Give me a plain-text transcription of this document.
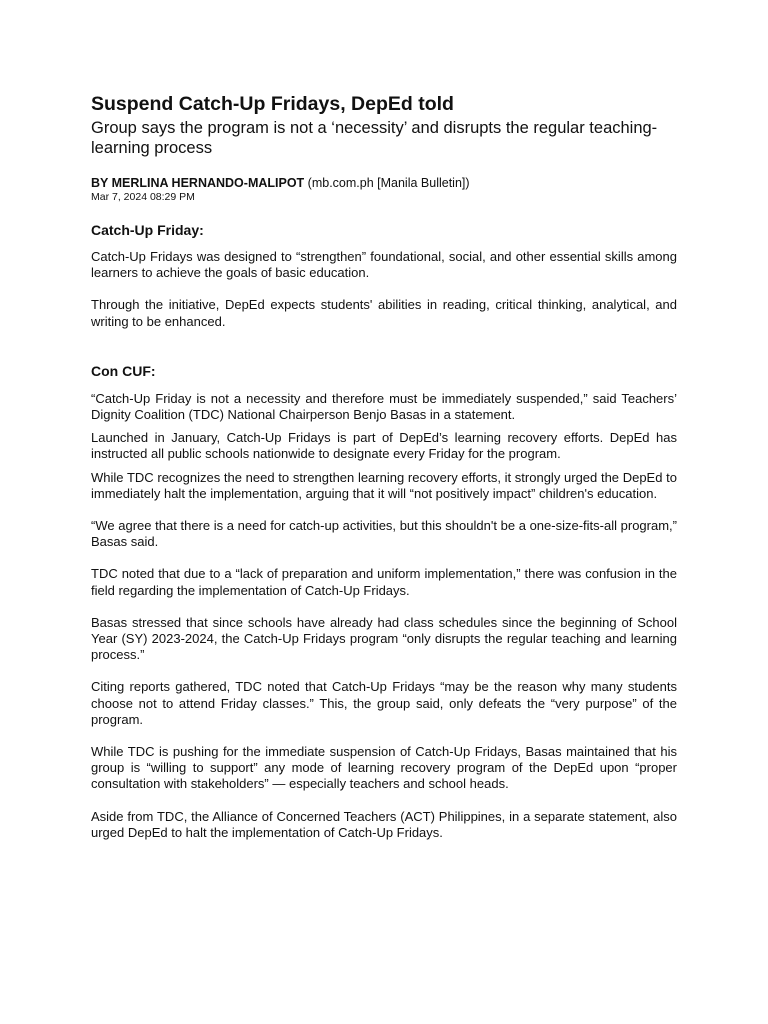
Suspend Catch-Up Fridays, DepEd told
Group says the program is not a ‘necessity’ and disrupts the regular teaching-learning process
BY MERLINA HERNANDO-MALIPOT (mb.com.ph [Manila Bulletin])
Mar 7, 2024 08:29 PM
Catch-Up Friday:

Catch-Up Fridays was designed to “strengthen” foundational, social, and other essential skills among learners to achieve the goals of basic education.

Through the initiative, DepEd expects students' abilities in reading, critical thinking, analytical, and writing to be enhanced.

Con CUF:

“Catch-Up Friday is not a necessity and therefore must be immediately suspended,” said Teachers’ Dignity Coalition (TDC) National Chairperson Benjo Basas in a statement.

Launched in January, Catch-Up Fridays is part of DepEd’s learning recovery efforts. DepEd has instructed all public schools nationwide to designate every Friday for the program.

While TDC recognizes the need to strengthen learning recovery efforts, it strongly urged the DepEd to immediately halt the implementation, arguing that it will “not positively impact” children's education.

“We agree that there is a need for catch-up activities, but this shouldn't be a one-size-fits-all program,” Basas said.

TDC noted that due to a “lack of preparation and uniform implementation,” there was confusion in the field regarding the implementation of Catch-Up Fridays.

Basas stressed that since schools have already had class schedules since the beginning of School Year (SY) 2023-2024, the Catch-Up Fridays program “only disrupts the regular teaching and learning process.”

Citing reports gathered, TDC noted that Catch-Up Fridays “may be the reason why many students choose not to attend Friday classes.” This, the group said, only defeats the “very purpose” of the program.

While TDC is pushing for the immediate suspension of Catch-Up Fridays, Basas maintained that his group is “willing to support” any mode of learning recovery program of the DepEd upon “proper consultation with stakeholders” — especially teachers and school heads.

Aside from TDC, the Alliance of Concerned Teachers (ACT) Philippines, in a separate statement, also urged DepEd to halt the implementation of Catch-Up Fridays.
